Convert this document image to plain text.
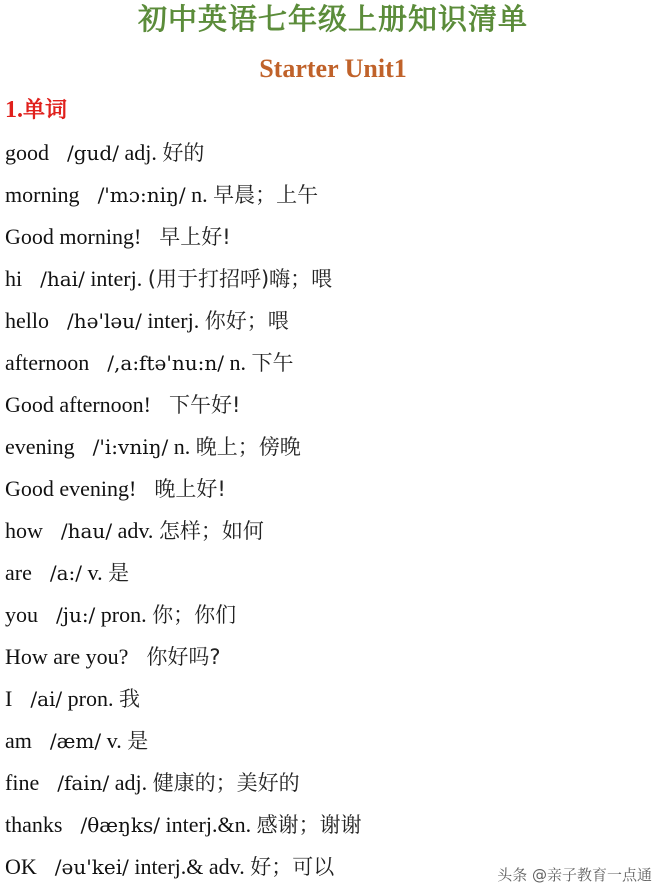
初中英语七年级上册知识清单
Starter Unit1
1.单词
good /gud/ adj. 好的
morning /'mɔ:niŋ/ n. 早晨；上午
Good morning! 早上好!
hi /hai/ interj. (用于打招呼)嗨；喂
hello /hə'ləu/ interj. 你好；喂
afternoon /,a:ftə'nu:n/ n. 下午
Good afternoon! 下午好!
evening /'i:vniŋ/ n. 晚上；傍晚
Good evening! 晚上好!
how /hau/ adv. 怎样；如何
are /a:/ v. 是
you /ju:/ pron. 你；你们
How are you? 你好吗?
I /ai/ pron. 我
am /æm/ v. 是
fine /fain/ adj. 健康的；美好的
thanks /θæŋks/ interj.&n. 感谢；谢谢
OK /əu'kei/ interj.& adv. 好；可以	头条 @亲子教育一点通
